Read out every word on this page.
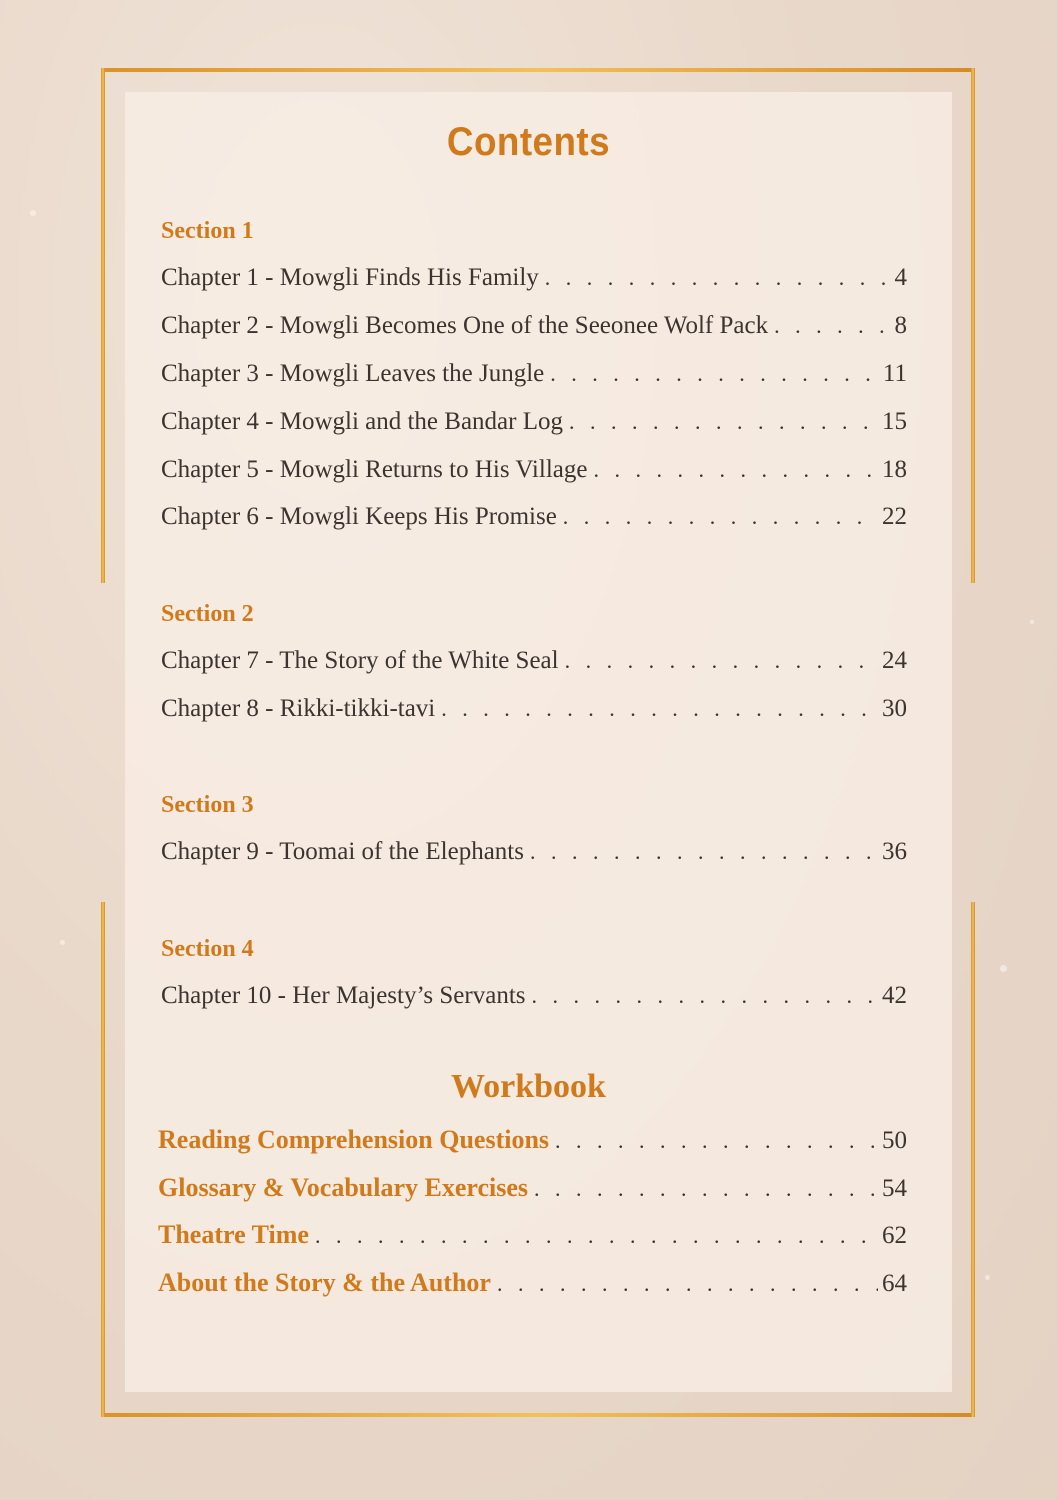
Contents
Section 1
Chapter 1 - Mowgli Finds His Family . . .	4
Chapter 2 - Mowgli Becomes One of the Seeonee Wolf Pack . . .	8
Chapter 3 - Mowgli Leaves the Jungle . . .	11
Chapter 4 - Mowgli and the Bandar Log . . .	15
Chapter 5 - Mowgli Returns to His Village . . .	18
Chapter 6 - Mowgli Keeps His Promise . . .	22
Section 2
Chapter 7 - The Story of the White Seal . . .	24
Chapter 8 - Rikki-tikki-tavi . . .	30
Section 3
Chapter 9 - Toomai of the Elephants . . .	36
Section 4
Chapter 10 - Her Majesty’s Servants . . .	42
Workbook
Reading Comprehension Questions . . .	50
Glossary & Vocabulary Exercises . . .	54
Theatre Time . . .	62
About the Story & the Author . . .	64
